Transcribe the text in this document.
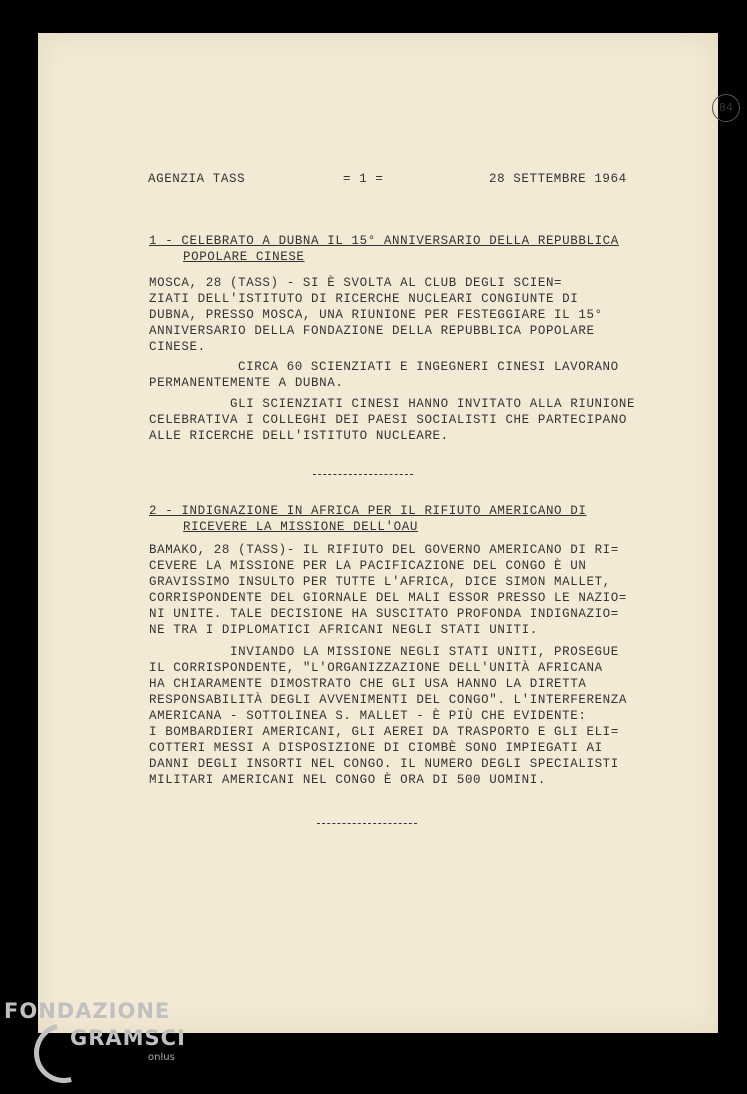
84
AGENZIA TASS	= 1 =	28 SETTEMBRE 1964
1 - CELEBRATO A DUBNA IL 15° ANNIVERSARIO DELLA REPUBBLICA
POPOLARE CINESE
MOSCA, 28 (TASS) - SI È SVOLTA AL CLUB DEGLI SCIEN=
ZIATI DELL'ISTITUTO DI RICERCHE NUCLEARI CONGIUNTE DI
DUBNA, PRESSO MOSCA, UNA RIUNIONE PER FESTEGGIARE IL 15°
ANNIVERSARIO DELLA FONDAZIONE DELLA REPUBBLICA POPOLARE
CINESE.
CIRCA 60 SCIENZIATI E INGEGNERI CINESI LAVORANO
PERMANENTEMENTE A DUBNA.
GLI SCIENZIATI CINESI HANNO INVITATO ALLA RIUNIONE
CELEBRATIVA I COLLEGHI DEI PAESI SOCIALISTI CHE PARTECIPANO
ALLE RICERCHE DELL'ISTITUTO NUCLEARE.
2 - INDIGNAZIONE IN AFRICA PER IL RIFIUTO AMERICANO DI
RICEVERE LA MISSIONE DELL'OAU
BAMAKO, 28 (TASS)- IL RIFIUTO DEL GOVERNO AMERICANO DI RI=
CEVERE LA MISSIONE PER LA PACIFICAZIONE DEL CONGO È UN
GRAVISSIMO INSULTO PER TUTTE L'AFRICA, DICE SIMON MALLET,
CORRISPONDENTE DEL GIORNALE DEL MALI ESSOR PRESSO LE NAZIO=
NI UNITE. TALE DECISIONE HA SUSCITATO PROFONDA INDIGNAZIO=
NE TRA I DIPLOMATICI AFRICANI NEGLI STATI UNITI.
INVIANDO LA MISSIONE NEGLI STATI UNITI, PROSEGUE
IL CORRISPONDENTE, "L'ORGANIZZAZIONE DELL'UNITÀ AFRICANA
HA CHIARAMENTE DIMOSTRATO CHE GLI USA HANNO LA DIRETTA
RESPONSABILITÀ DEGLI AVVENIMENTI DEL CONGO". L'INTERFERENZA
AMERICANA - SOTTOLINEA S. MALLET - È PIÙ CHE EVIDENTE:
I BOMBARDIERI AMERICANI, GLI AEREI DA TRASPORTO E GLI ELI=
COTTERI MESSI A DISPOSIZIONE DI CIOMBÈ SONO IMPIEGATI AI
DANNI DEGLI INSORTI NEL CONGO. IL NUMERO DEGLI SPECIALISTI
MILITARI AMERICANI NEL CONGO È ORA DI 500 UOMINI.
FONDAZIONE
GRAMSCI
onlus
